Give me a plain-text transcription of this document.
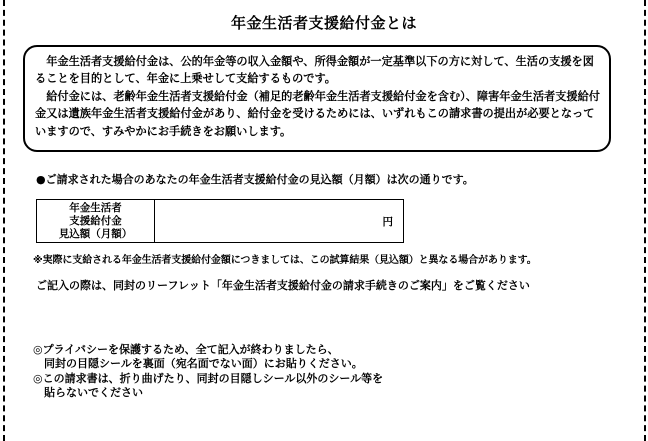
年金生活者支援給付金とは

年金生活者支援給付金は、公的年金等の収入金額や、所得金額が一定基準以下の方に対して、生活の支援を図ることを目的として、年金に上乗せして支給するものです。

給付金には、老齢年金生活者支援給付金（補足的老齢年金生活者支援給付金を含む）、障害年金生活者支援給付金又は遺族年金生活者支援給付金があり、給付金を受けるためには、いずれもこの請求書の提出が必要となっていますので、すみやかにお手続きをお願いします。

●ご請求された場合のあなたの年金生活者支援給付金の見込額（月額）は次の通りです。
年金生活者
支援給付金
見込額（月額）
円
※実際に支給される年金生活者支援給付金額につきましては、この試算結果（見込額）と異なる場合があります。
ご記入の際は、同封のリーフレット「年金生活者支援給付金の請求手続きのご案内」をご覧ください
◎プライバシーを保護するため、全て記入が終わりましたら、
　同封の目隠シールを裏面（宛名面でない面）にお貼りください。
◎この請求書は、折り曲げたり、同封の目隠しシール以外のシール等を
　貼らないでください
